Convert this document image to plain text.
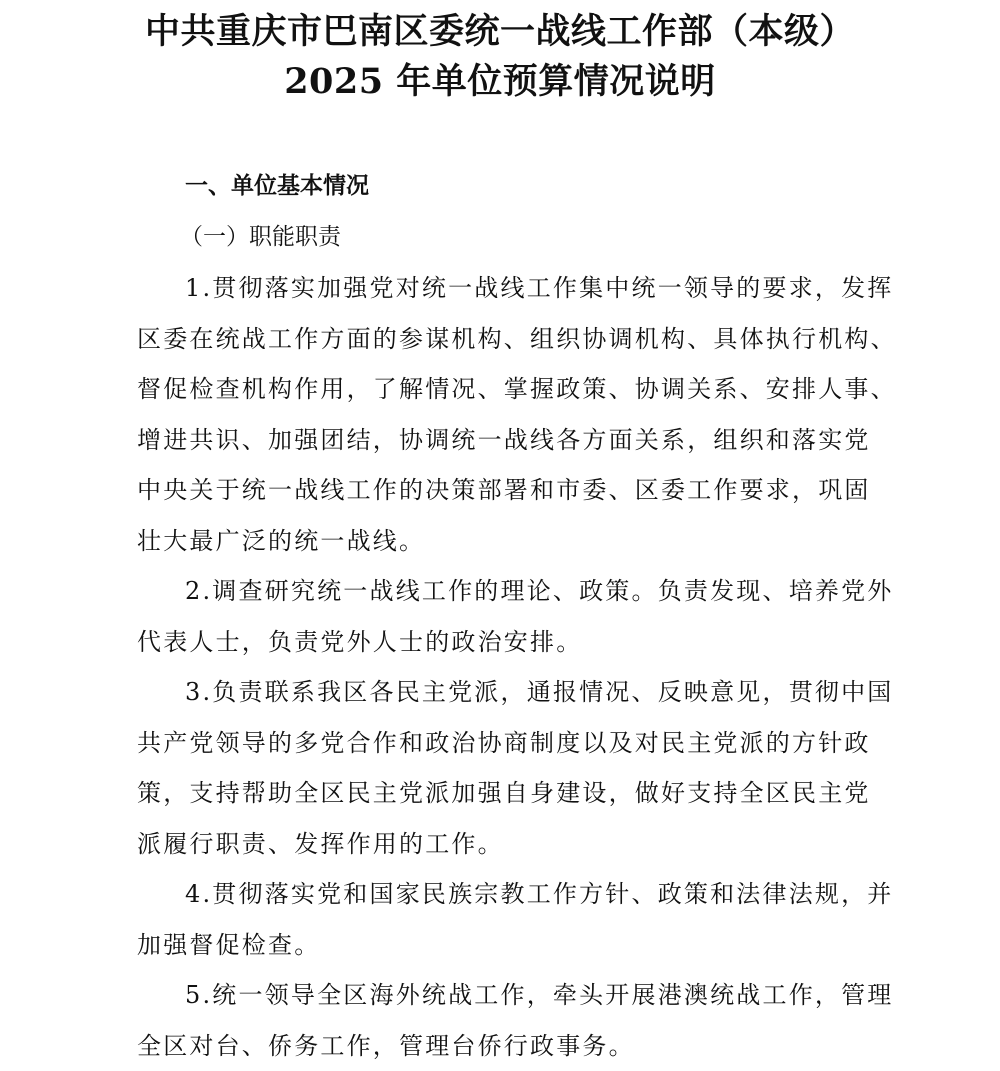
中共重庆市巴南区委统一战线工作部（本级）
2025 年单位预算情况说明
一、单位基本情况
（一）职能职责
1.贯彻落实加强党对统一战线工作集中统一领导的要求，发挥
区委在统战工作方面的参谋机构、组织协调机构、具体执行机构、
督促检查机构作用，了解情况、掌握政策、协调关系、安排人事、
增进共识、加强团结，协调统一战线各方面关系，组织和落实党
中央关于统一战线工作的决策部署和市委、区委工作要求，巩固
壮大最广泛的统一战线。
2.调查研究统一战线工作的理论、政策。负责发现、培养党外
代表人士，负责党外人士的政治安排。
3.负责联系我区各民主党派，通报情况、反映意见，贯彻中国
共产党领导的多党合作和政治协商制度以及对民主党派的方针政
策，支持帮助全区民主党派加强自身建设，做好支持全区民主党
派履行职责、发挥作用的工作。
4.贯彻落实党和国家民族宗教工作方针、政策和法律法规，并
加强督促检查。
5.统一领导全区海外统战工作，牵头开展港澳统战工作，管理
全区对台、侨务工作，管理台侨行政事务。
